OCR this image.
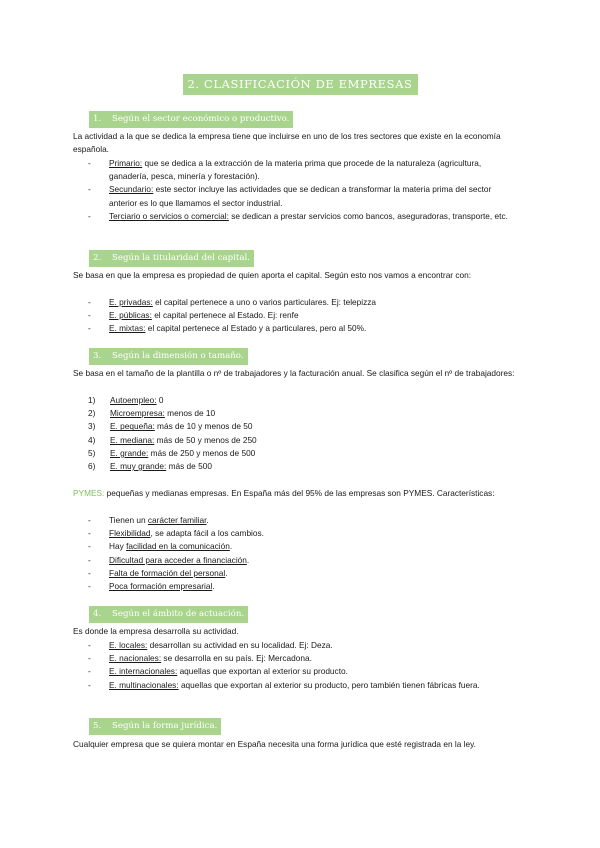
2. CLASIFICACIÓN DE EMPRESAS
1. Según el sector económico o productivo.

La actividad a la que se dedica la empresa tiene que incluirse en uno de los tres sectores que existe en la economía española.

- Primario: que se dedica a la extracción de la materia prima que procede de la naturaleza (agricultura, ganadería, pesca, minería y forestación).
- Secundario: este sector incluye las actividades que se dedican a transformar la materia prima del sector anterior es lo que llamamos el sector industrial.
- Terciario o servicios o comercial: se dedican a prestar servicios como bancos, aseguradoras, transporte, etc.
2. Según la titularidad del capital.

Se basa en que la empresa es propiedad de quien aporta el capital. Según esto nos vamos a encontrar con:

- E. privadas: el capital pertenece a uno o varios particulares. Ej: telepizza
- E. públicas: el capital pertenece al Estado. Ej: renfe
- E. mixtas: el capital pertenece al Estado y a particulares, pero al 50%.
3. Según la dimensión o tamaño.

Se basa en el tamaño de la plantilla o nº de trabajadores y la facturación anual. Se clasifica según el nº de trabajadores:

1) Autoempleo: 0
2) Microempresa: menos de 10
3) E. pequeña: más de 10 y menos de 50
4) E. mediana: más de 50 y menos de 250
5) E. grande: más de 250 y menos de 500
6) E. muy grande: más de 500

PYMES: pequeñas y medianas empresas. En España más del 95% de las empresas son PYMES. Características:

- Tienen un carácter familiar.
- Flexibilidad, se adapta fácil a los cambios.
- Hay facilidad en la comunicación.
- Dificultad para acceder a financiación.
- Falta de formación del personal.
- Poca formación empresarial.
4. Según el ámbito de actuación.

Es donde la empresa desarrolla su actividad.

- E. locales: desarrollan su actividad en su localidad. Ej: Deza.
- E. nacionales: se desarrolla en su país. Ej: Mercadona.
- E. internacionales: aquellas que exportan al exterior su producto.
- E. multinacionales: aquellas que exportan al exterior su producto, pero también tienen fábricas fuera.
5. Según la forma jurídica.

Cualquier empresa que se quiera montar en España necesita una forma jurídica que esté registrada en la ley.
